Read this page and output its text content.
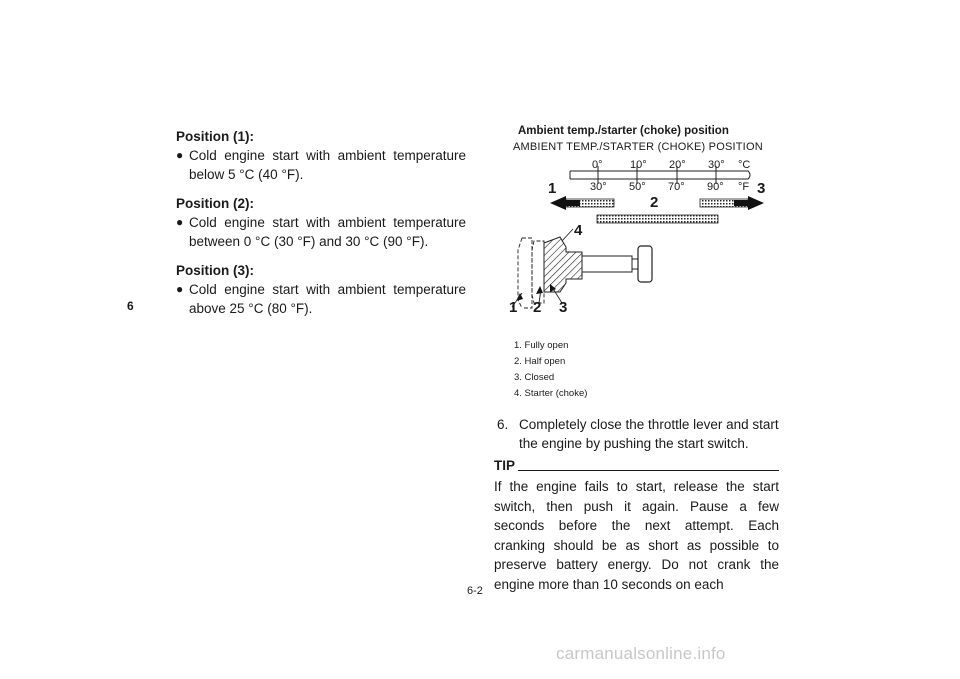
6
Position (1):
● Cold engine start with ambient temperature below 5 °C (40 °F).
Position (2):
● Cold engine start with ambient temperature between 0 °C (30 °F) and 30 °C (90 °F).
Position (3):
● Cold engine start with ambient temperature above 25 °C (80 °F).
Ambient temp./starter (choke) position
AMBIENT TEMP./STARTER (CHOKE) POSITION
0° 10° 20° 30° °C
30° 50° 70° 90° °F
1
2
3
4
1 2 3
1. Fully open
2. Half open
3. Closed
4. Starter (choke)
6. Completely close the throttle lever and start the engine by pushing the start switch.
TIP
If the engine fails to start, release the start switch, then push it again. Pause a few seconds before the next attempt. Each cranking should be as short as possible to preserve battery energy. Do not crank the engine more than 10 seconds on each
6-2
carmanualsonline.info
